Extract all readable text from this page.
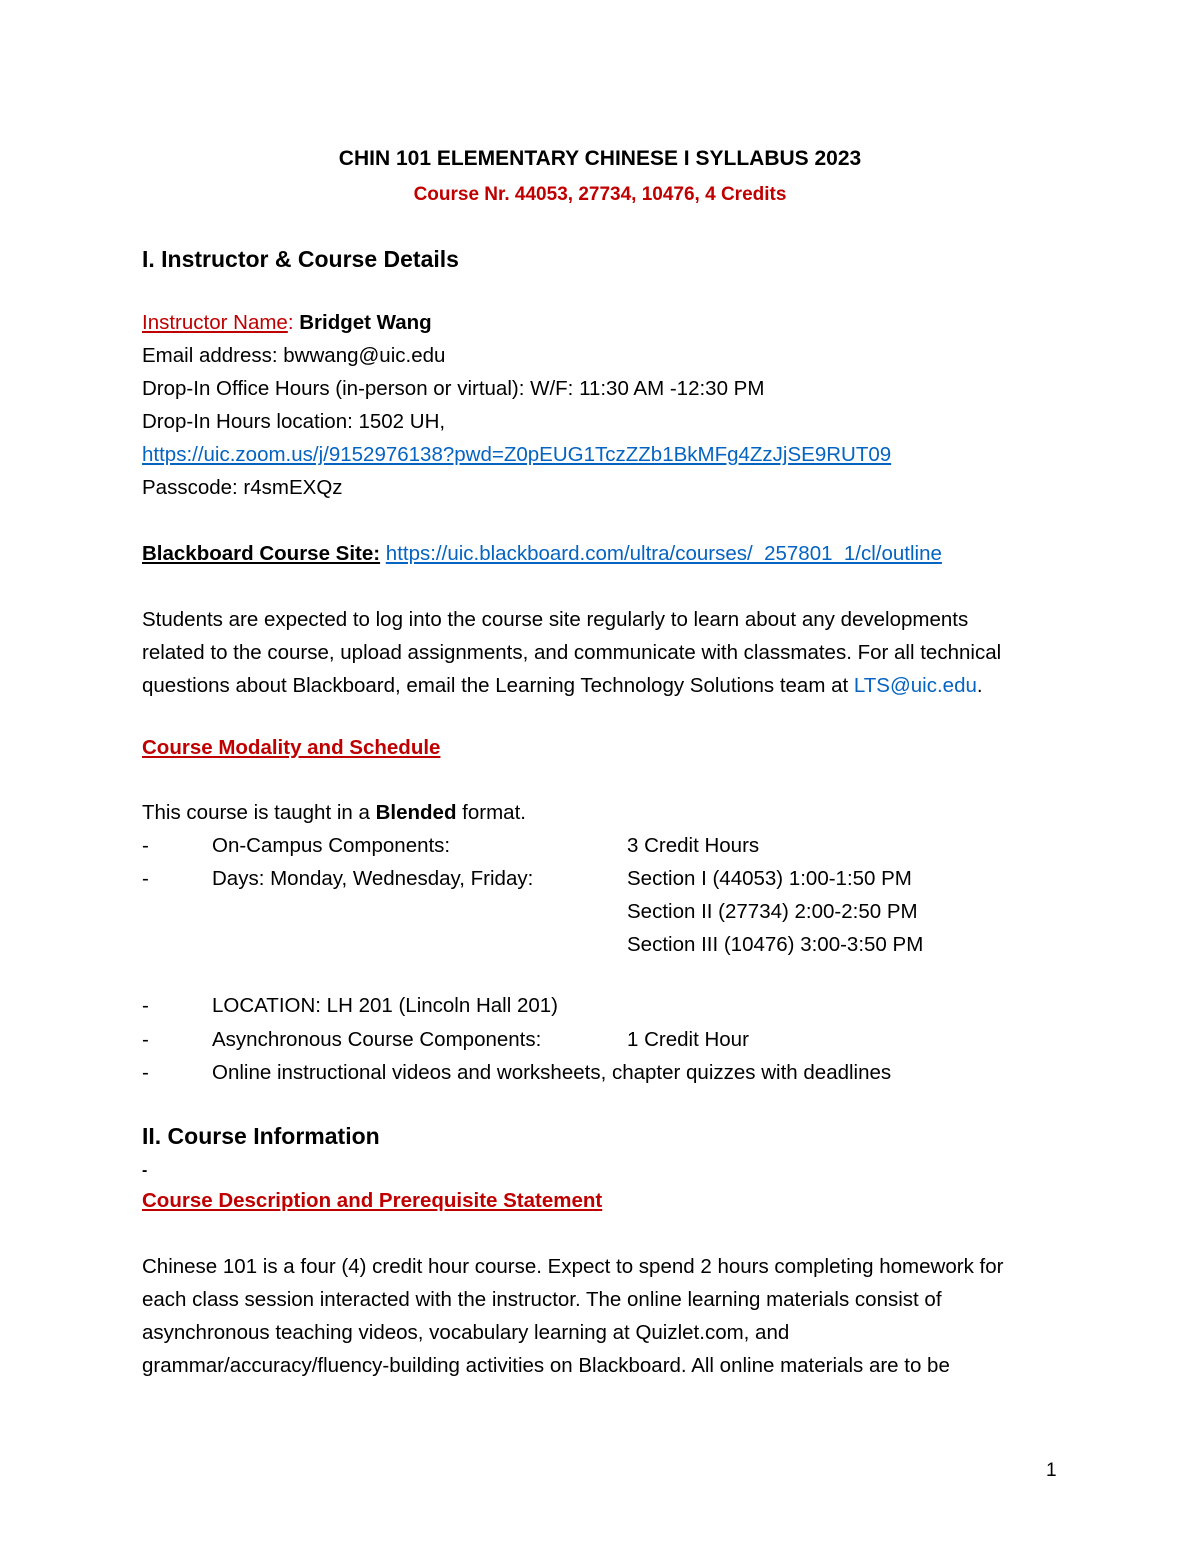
CHIN 101 ELEMENTARY CHINESE I SYLLABUS 2023
Course Nr. 44053, 27734, 10476, 4 Credits
I. Instructor & Course Details
Instructor Name: Bridget Wang
Email address: bwwang@uic.edu
Drop-In Office Hours (in-person or virtual): W/F: 11:30 AM -12:30 PM
Drop-In Hours location: 1502 UH,
https://uic.zoom.us/j/9152976138?pwd=Z0pEUG1TczZZb1BkMFg4ZzJjSE9RUT09
Passcode: r4smEXQz
Blackboard Course Site: https://uic.blackboard.com/ultra/courses/_257801_1/cl/outline
Students are expected to log into the course site regularly to learn about any developments
related to the course, upload assignments, and communicate with classmates. For all technical
questions about Blackboard, email the Learning Technology Solutions team at LTS@uic.edu.
Course Modality and Schedule
This course is taught in a Blended format.
-	On-Campus Components:	3 Credit Hours
-	Days: Monday, Wednesday, Friday:	Section I (44053) 1:00-1:50 PM
Section II (27734) 2:00-2:50 PM
Section III (10476) 3:00-3:50 PM
-	LOCATION: LH 201 (Lincoln Hall 201)
-	Asynchronous Course Components:	1 Credit Hour
-	Online instructional videos and worksheets, chapter quizzes with deadlines
II. Course Information
-
Course Description and Prerequisite Statement
Chinese 101 is a four (4) credit hour course. Expect to spend 2 hours completing homework for
each class session interacted with the instructor. The online learning materials consist of
asynchronous teaching videos, vocabulary learning at Quizlet.com, and
grammar/accuracy/fluency-building activities on Blackboard. All online materials are to be
1
